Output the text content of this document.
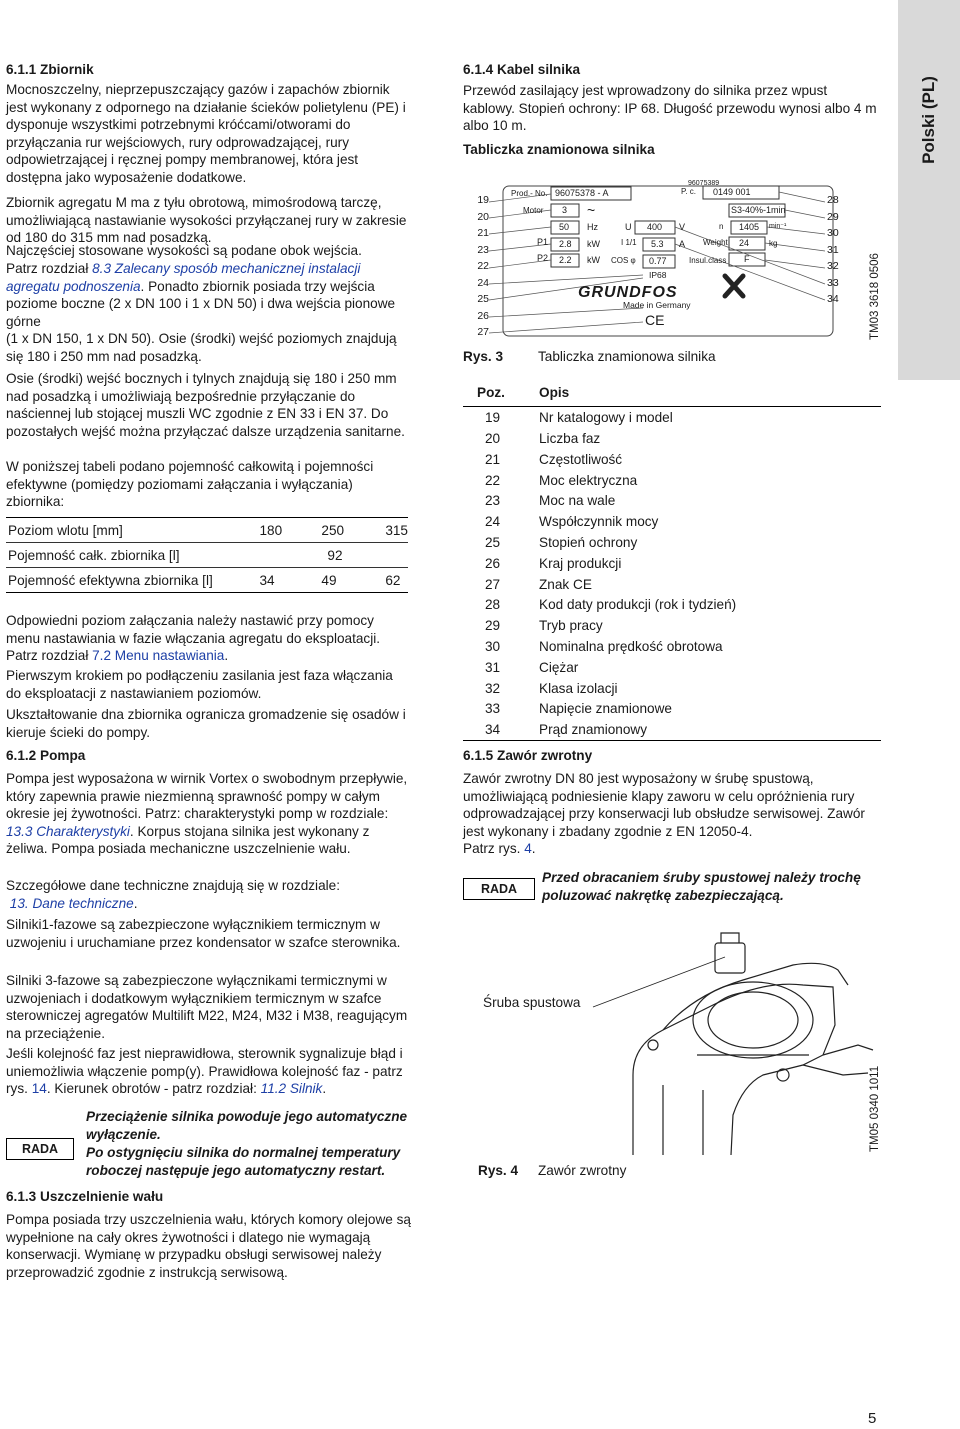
Polski (PL)
5
6.1.1 Zbiornik

Mocnoszczelny, nieprzepuszczający gazów i zapachów zbiornik jest wykonany z odpornego na działanie ścieków polietylenu (PE) i dysponuje wszystkimi potrzebnymi króćcami/otworami do przyłączania rur wejściowych, rury odprowadzającej, rury odpowietrzającej i ręcznej pompy membranowej, która jest dostępna jako wyposażenie dodatkowe.

Zbiornik agregatu M ma z tyłu obrotową, mimośrodową tarczę, umożliwiającą nastawianie wysokości przyłączanej rury w zakresie od 180 do 315 mm nad posadzką.

Najczęściej stosowane wysokości są podane obok wejścia.

Patrz rozdział 8.3 Zalecany sposób mechanicznej instalacji agregatu podnoszenia. Ponadto zbiornik posiada trzy wejścia poziome boczne (2 x DN 100 i 1 x DN 50) i dwa wejścia pionowe górne
(1 x DN 150, 1 x DN 50). Osie (środki) wejść poziomych znajdują się 180 i 250 mm nad posadzką.

Osie (środki) wejść bocznych i tylnych znajdują się 180 i 250 mm nad posadzką i umożliwiają bezpośrednie przyłączanie do naściennej lub stojącej muszli WC zgodnie z EN 33 i EN 37. Do pozostałych wejść można przyłączać dalsze urządzenia sanitarne.

W poniższej tabeli podano pojemność całkowitą i pojemności efektywne (pomiędzy poziomami załączania i wyłączania) zbiornika:

Poziom wlotu [mm]	180	250	315
Pojemność całk. zbiornika [l]		92	
Pojemność efektywna zbiornika [l]	34	49	62

Odpowiedni poziom załączania należy nastawić przy pomocy menu nastawiania w fazie włączania agregatu do eksploatacji. Patrz rozdział 7.2 Menu nastawiania.

Pierwszym krokiem po podłączeniu zasilania jest faza włączania do eksploatacji z nastawianiem poziomów.

Ukształtowanie dna zbiornika ogranicza gromadzenie się osadów i kieruje ścieki do pompy.

6.1.2 Pompa

Pompa jest wyposażona w wirnik Vortex o swobodnym przepływie, który zapewnia prawie niezmienną sprawność pompy w całym okresie jej żywotności. Patrz: charakterystyki pomp w rozdziale: 13.3 Charakterystyki. Korpus stojana silnika jest wykonany z żeliwa. Pompa posiada mechaniczne uszczelnienie wału.

Szczegółowe dane techniczne znajdują się w rozdziale:
13. Dane techniczne.

Silniki1-fazowe są zabezpieczone wyłącznikiem termicznym w uzwojeniu i uruchamiane przez kondensator w szafce sterownika.

Silniki 3-fazowe są zabezpieczone wyłącznikami termicznymi w uzwojeniach i dodatkowym wyłącznikiem termicznym w szafce sterowniczej agregatów Multilift M22, M24, M32 i M38, reagującym na przeciążenie.

Jeśli kolejność faz jest nieprawidłowa, sterownik sygnalizuje błąd i uniemożliwia włączenie pomp(y). Prawidłowa kolejność faz - patrz rys. 14. Kierunek obrotów - patrz rozdział: 11.2 Silnik.

RADA
Przeciążenie silnika powoduje jego automatyczne wyłączenie.
Po ostygnięciu silnika do normalnej temperatury roboczej następuje jego automatyczny restart.
6.1.3 Uszczelnienie wału

Pompa posiada trzy uszczelnienia wału, których komory olejowe są wypełnione na cały okres żywotności i dlatego nie wymagają konserwacji. Wymianę w przypadku obsługi serwisowej należy przeprowadzić zgodnie z instrukcją serwisową.

6.1.4 Kabel silnika

Przewód zasilający jest wprowadzony do silnika przez wpust kablowy. Stopień ochrony: IP 68. Długość przewodu wynosi albo 4 m albo 10 m.

Tabliczka znamionowa silnika
19
20
21
23
22
24
25
26
27
28
29
30
31
32
33
34
96075389
Prod.- No. 96075378 - A	P. c. 0149 001
Motor 3 ~	S3-40%-1min
50 Hz	U 400 V	n 1405 min⁻¹
P1 2.8 kW	I 1/1 5.3 A Weight 24 kg
P2 2.2 kW COS φ 0.77	Insul.class F
IP68
GRUNDFOS
Made in Germany
CE	TM03 3618 0506
Rys. 3	Tabliczka znamionowa silnika
Poz.	Opis
19	Nr katalogowy i model
20	Liczba faz
21	Częstotliwość
22	Moc elektryczna
23	Moc na wale
24	Współczynnik mocy
25	Stopień ochrony
26	Kraj produkcji
27	Znak CE
28	Kod daty produkcji (rok i tydzień)
29	Tryb pracy
30	Nominalna prędkość obrotowa
31	Ciężar
32	Klasa izolacji
33	Napięcie znamionowe
34	Prąd znamionowy
6.1.5 Zawór zwrotny

Zawór zwrotny DN 80 jest wyposażony w śrubę spustową, umożliwiającą podniesienie klapy zaworu w celu opróżnienia rury odprowadzającej przy konserwacji lub obsłudze serwisowej. Zawór jest wykonany i zbadany zgodnie z EN 12050-4.
Patrz rys. 4.

RADA
Przed obracaniem śruby spustowej należy trochę poluzować nakrętkę zabezpieczającą.
Śruba spustowa
TM05 0340 1011
Rys. 4 Zawór zwrotny
